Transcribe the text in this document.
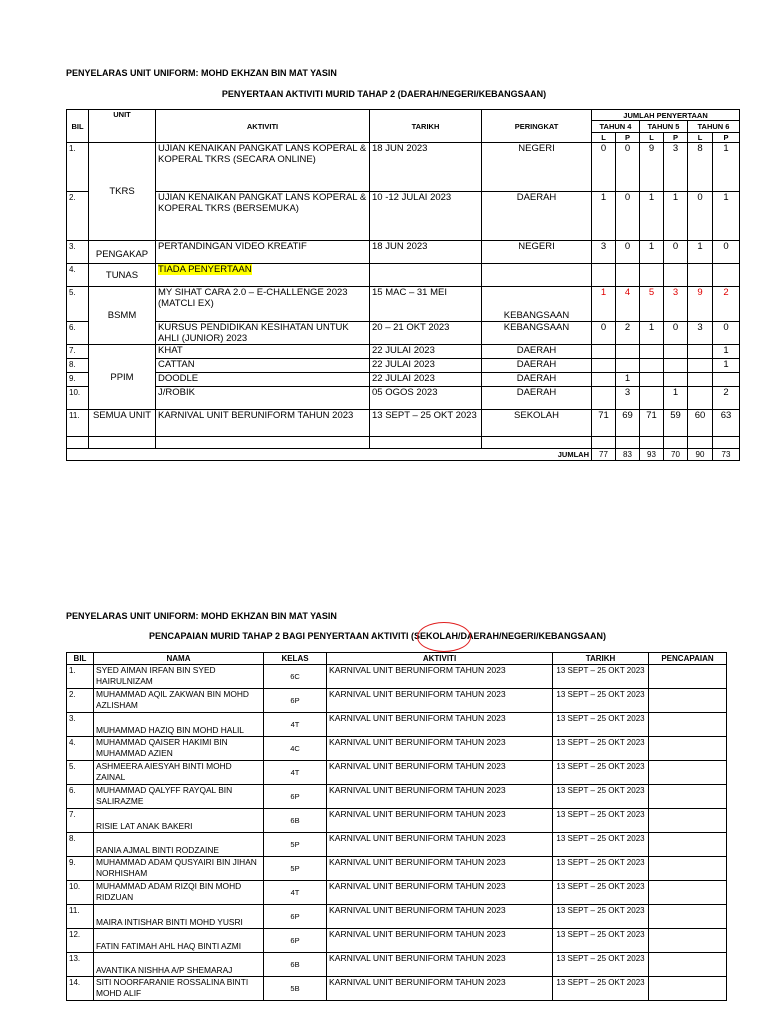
PENYELARAS UNIT UNIFORM: MOHD EKHZAN BIN MAT YASIN
PENYERTAAN AKTIVITI MURID TAHAP 2 (DAERAH/NEGERI/KEBANGSAAN)
BIL	UNIT	AKTIVITI	TARIKH	PERINGKAT	JUMLAH PENYERTAAN					
					TAHUN 4		TAHUN 5		TAHUN 6	
					L	P	L	P	L	P
1.	TKRS	UJIAN KENAIKAN PANGKAT LANS KOPERAL & KOPERAL TKRS (SECARA ONLINE)	18 JUN 2023	NEGERI	0	0	9	3	8	1
2.		UJIAN KENAIKAN PANGKAT LANS KOPERAL & KOPERAL TKRS (BERSEMUKA)	10 -12 JULAI 2023	DAERAH	1	0	1	1	0	1
3.	PENGAKAP	PERTANDINGAN VIDEO KREATIF	18 JUN 2023	NEGERI	3	0	1	0	1	0
4.	TUNAS	TIADA PENYERTAAN								
5.	BSMM	MY SIHAT CARA 2.0 – E-CHALLENGE 2023 (MATCLI EX)	15 MAC – 31 MEI	KEBANGSAAN	1	4	5	3	9	2
6.		KURSUS PENDIDIKAN KESIHATAN UNTUK AHLI (JUNIOR) 2023	20 – 21 OKT 2023	KEBANGSAAN	0	2	1	0	3	0
7.	PPIM	KHAT	22 JULAI 2023	DAERAH						1
8.		CATTAN	22 JULAI 2023	DAERAH						1
9.		DOODLE	22 JULAI 2023	DAERAH		1				
10.		J/ROBIK	05 OGOS 2023	DAERAH		3		1		2
11.	SEMUA UNIT	KARNIVAL UNIT BERUNIFORM TAHUN 2023	13 SEPT – 25 OKT 2023	SEKOLAH	71	69	71	59	60	63

JUMLAH					77	83	93	70	90	73
PENYELARAS UNIT UNIFORM: MOHD EKHZAN BIN MAT YASIN
PENCAPAIAN MURID TAHAP 2 BAGI PENYERTAAN AKTIVITI (SEKOLAH/DAERAH/NEGERI/KEBANGSAAN)
BIL	NAMA	KELAS	AKTIVITI	TARIKH	PENCAPAIAN
1.	SYED AIMAN IRFAN BIN SYED HAIRULNIZAM	6C	KARNIVAL UNIT BERUNIFORM TAHUN 2023	13 SEPT – 25 OKT 2023	
2.	MUHAMMAD AQIL ZAKWAN BIN MOHD AZLISHAM	6P	KARNIVAL UNIT BERUNIFORM TAHUN 2023	13 SEPT – 25 OKT 2023	
3.	MUHAMMAD HAZIQ BIN MOHD HALIL	4T	KARNIVAL UNIT BERUNIFORM TAHUN 2023	13 SEPT – 25 OKT 2023	
4.	MUHAMMAD QAISER HAKIMI BIN MUHAMMAD AZIEN	4C	KARNIVAL UNIT BERUNIFORM TAHUN 2023	13 SEPT – 25 OKT 2023	
5.	ASHMEERA AIESYAH BINTI MOHD ZAINAL	4T	KARNIVAL UNIT BERUNIFORM TAHUN 2023	13 SEPT – 25 OKT 2023	
6.	MUHAMMAD QALYFF RAYQAL BIN SALIRAZME	6P	KARNIVAL UNIT BERUNIFORM TAHUN 2023	13 SEPT – 25 OKT 2023	
7.	RISIE LAT ANAK BAKERI	6B	KARNIVAL UNIT BERUNIFORM TAHUN 2023	13 SEPT – 25 OKT 2023	
8.	RANIA AJMAL BINTI RODZAINE	5P	KARNIVAL UNIT BERUNIFORM TAHUN 2023	13 SEPT – 25 OKT 2023	
9.	MUHAMMAD ADAM QUSYAIRI BIN JIHAN NORHISHAM	5P	KARNIVAL UNIT BERUNIFORM TAHUN 2023	13 SEPT – 25 OKT 2023	
10.	MUHAMMAD ADAM RIZQI BIN MOHD RIDZUAN	4T	KARNIVAL UNIT BERUNIFORM TAHUN 2023	13 SEPT – 25 OKT 2023	
11.	MAIRA INTISHAR BINTI MOHD YUSRI	6P	KARNIVAL UNIT BERUNIFORM TAHUN 2023	13 SEPT – 25 OKT 2023	
12.	FATIN FATIMAH AHL HAQ BINTI AZMI	6P	KARNIVAL UNIT BERUNIFORM TAHUN 2023	13 SEPT – 25 OKT 2023	
13.	AVANTIKA NISHHA A/P SHEMARAJ	6B	KARNIVAL UNIT BERUNIFORM TAHUN 2023	13 SEPT – 25 OKT 2023	
14.	SITI NOORFARANIE ROSSALINA BINTI MOHD ALIF	5B	KARNIVAL UNIT BERUNIFORM TAHUN 2023	13 SEPT – 25 OKT 2023	
